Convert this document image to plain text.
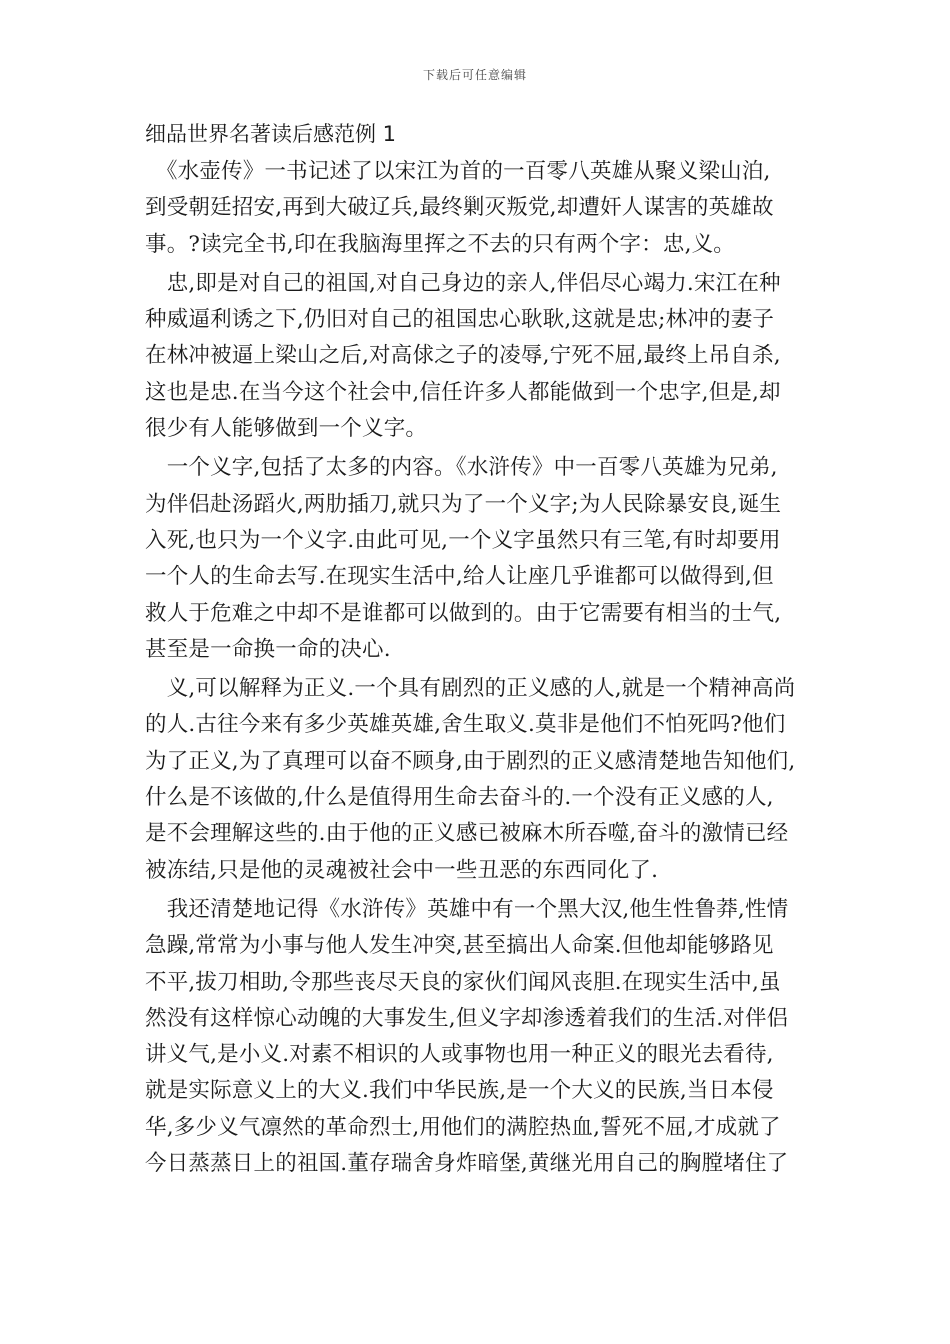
下载后可任意编辑
细品世界名著读后感范例 1
　《水壶传》一书记述了以宋江为首的一百零八英雄从聚义梁山泊,
到受朝廷招安,再到大破辽兵,最终剿灭叛党,却遭奸人谋害的英雄故
事。?读完全书,印在我脑海里挥之不去的只有两个字：忠,义。
　忠,即是对自己的祖国,对自己身边的亲人,伴侣尽心竭力.宋江在种
种威逼利诱之下,仍旧对自己的祖国忠心耿耿,这就是忠;林冲的妻子
在林冲被逼上梁山之后,对高俅之子的凌辱,宁死不屈,最终上吊自杀,
这也是忠.在当今这个社会中,信任许多人都能做到一个忠字,但是,却
很少有人能够做到一个义字。
　一个义字,包括了太多的内容。《水浒传》中一百零八英雄为兄弟,
为伴侣赴汤蹈火,两肋插刀,就只为了一个义字;为人民除暴安良,诞生
入死,也只为一个义字.由此可见,一个义字虽然只有三笔,有时却要用
一个人的生命去写.在现实生活中,给人让座几乎谁都可以做得到,但
救人于危难之中却不是谁都可以做到的。由于它需要有相当的士气,
甚至是一命换一命的决心.
　义,可以解释为正义.一个具有剧烈的正义感的人,就是一个精神高尚
的人.古往今来有多少英雄英雄,舍生取义.莫非是他们不怕死吗?他们
为了正义,为了真理可以奋不顾身,由于剧烈的正义感清楚地告知他们,
什么是不该做的,什么是值得用生命去奋斗的.一个没有正义感的人,
是不会理解这些的.由于他的正义感已被麻木所吞噬,奋斗的激情已经
被冻结,只是他的灵魂被社会中一些丑恶的东西同化了.
　我还清楚地记得《水浒传》英雄中有一个黑大汉,他生性鲁莽,性情
急躁,常常为小事与他人发生冲突,甚至搞出人命案.但他却能够路见
不平,拔刀相助,令那些丧尽天良的家伙们闻风丧胆.在现实生活中,虽
然没有这样惊心动魄的大事发生,但义字却渗透着我们的生活.对伴侣
讲义气,是小义.对素不相识的人或事物也用一种正义的眼光去看待,
就是实际意义上的大义.我们中华民族,是一个大义的民族,当日本侵
华,多少义气凛然的革命烈士,用他们的满腔热血,誓死不屈,才成就了
今日蒸蒸日上的祖国.董存瑞舍身炸暗堡,黄继光用自己的胸膛堵住了
